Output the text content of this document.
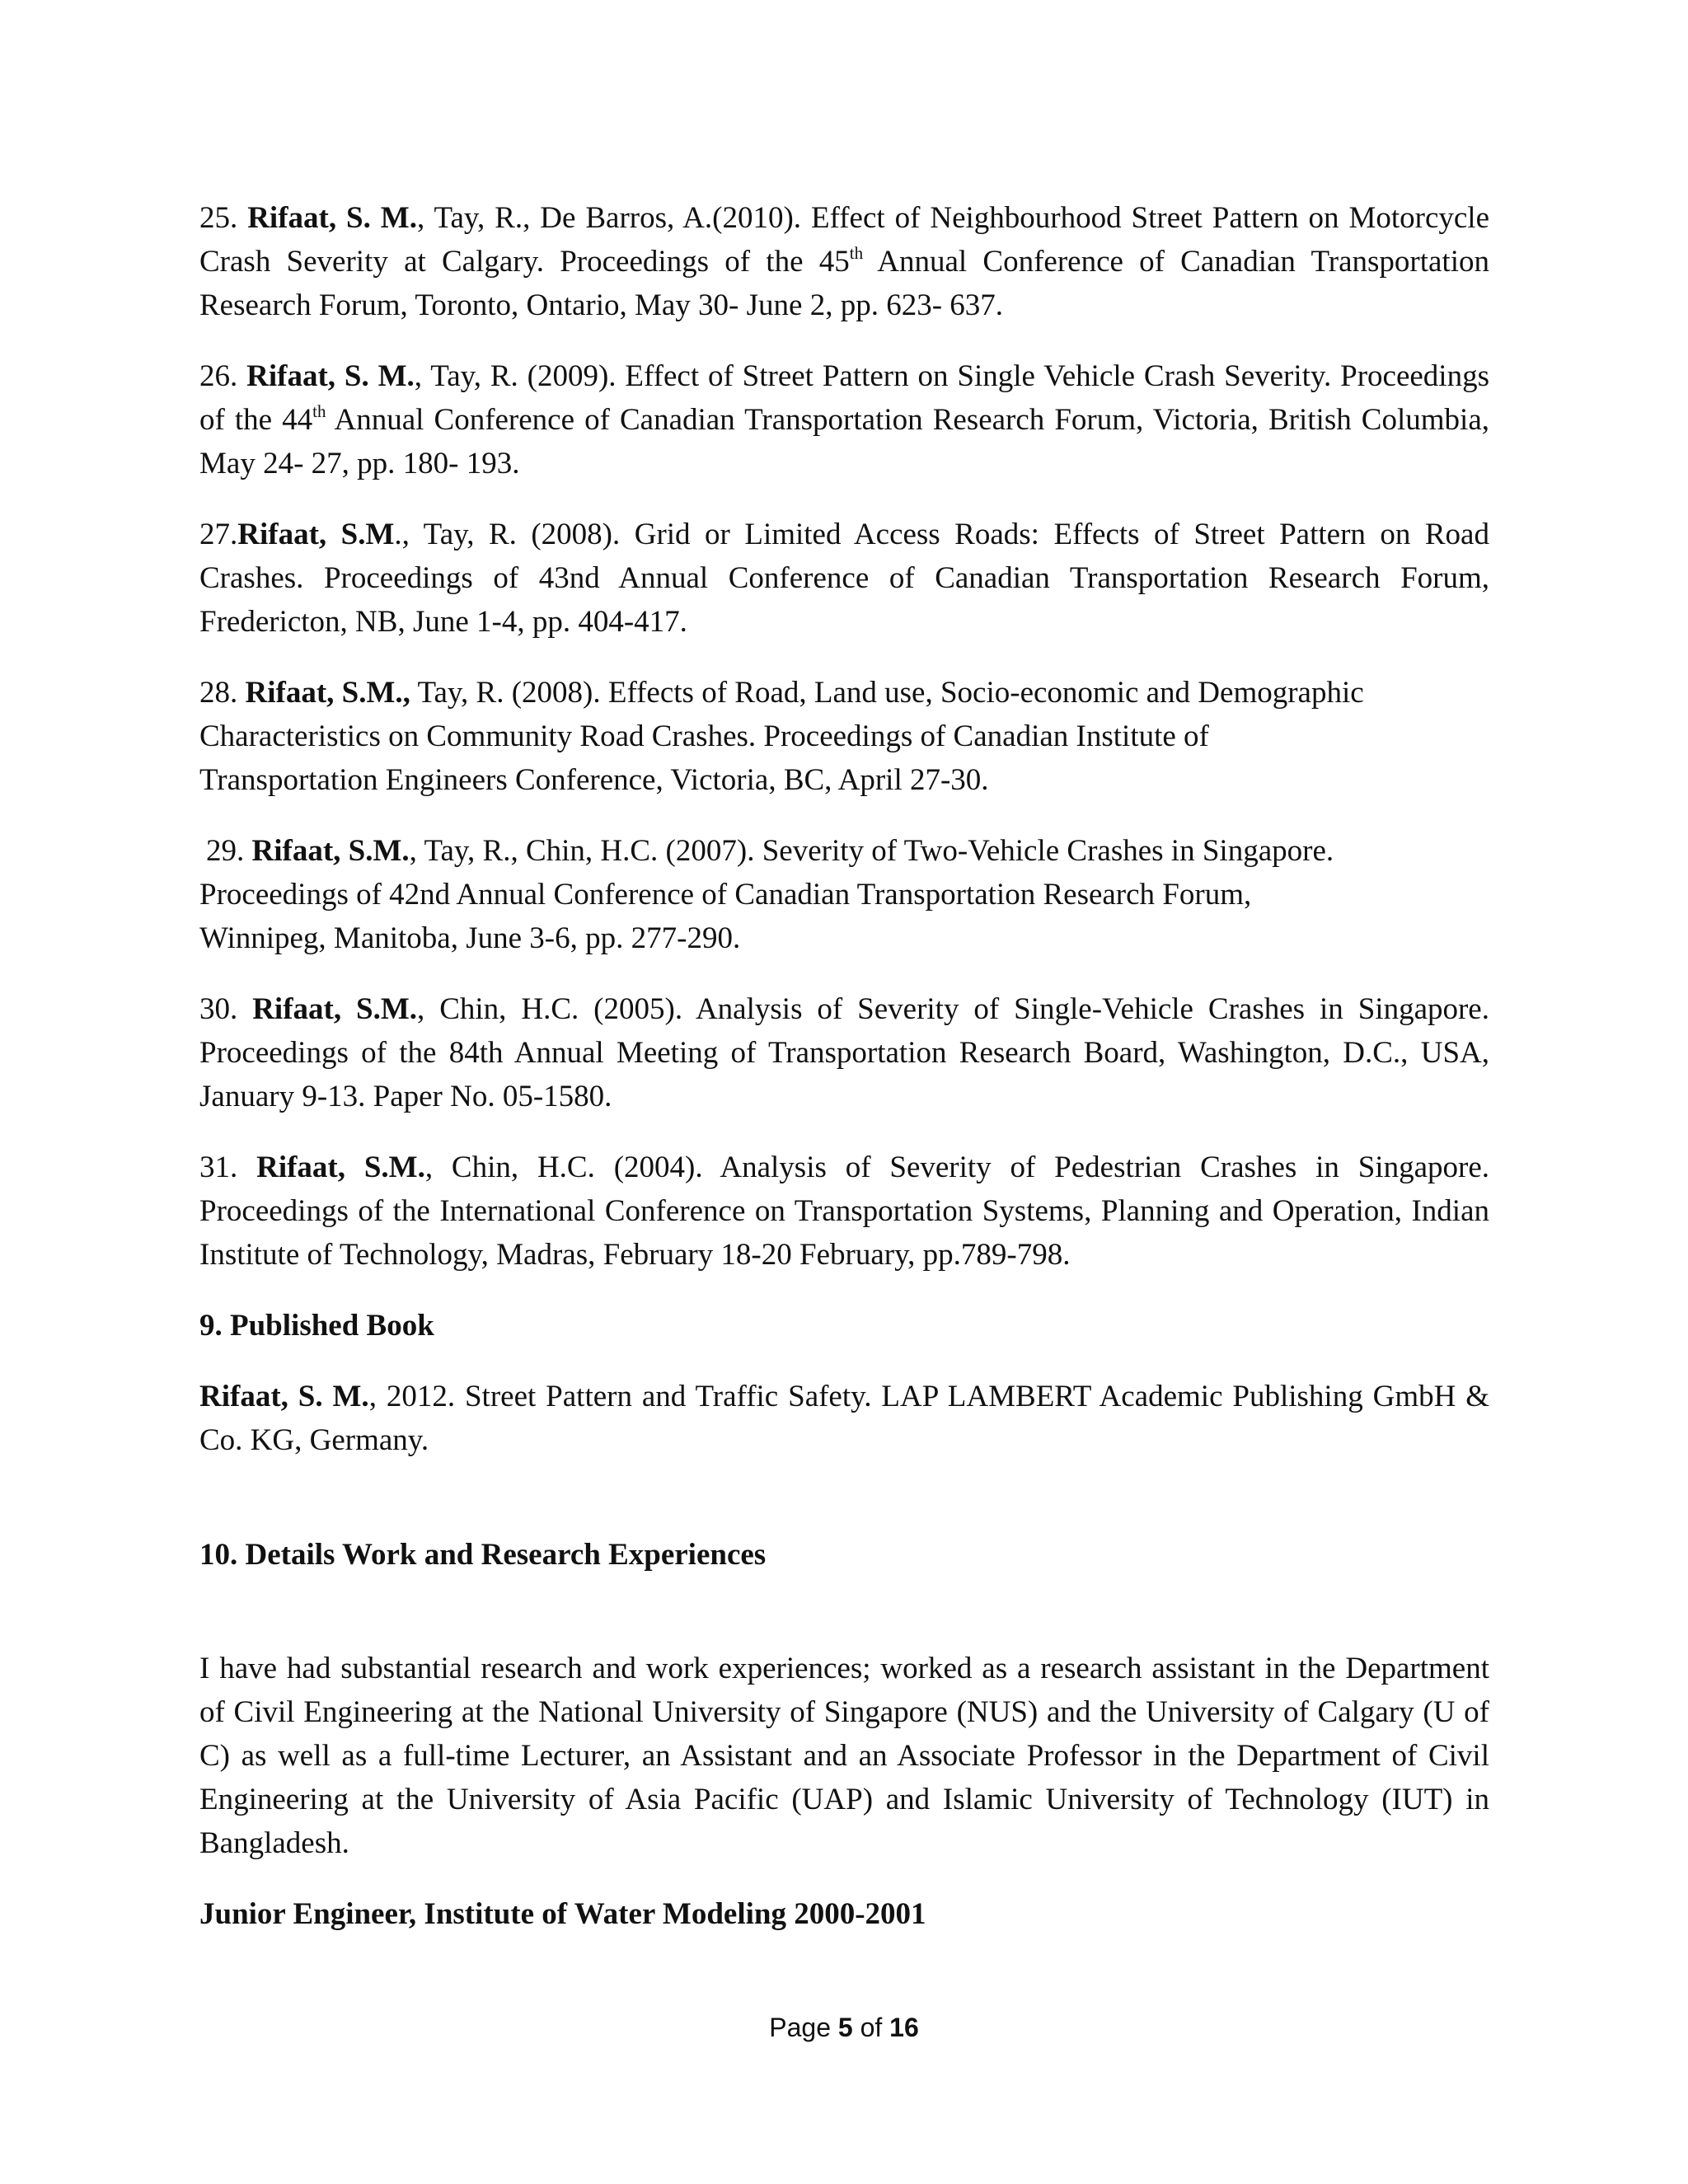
25. Rifaat, S. M., Tay, R., De Barros, A.(2010). Effect of Neighbourhood Street Pattern on Motorcycle Crash Severity at Calgary. Proceedings of the 45th Annual Conference of Canadian Transportation Research Forum, Toronto, Ontario, May 30- June 2, pp. 623- 637.

26. Rifaat, S. M., Tay, R. (2009). Effect of Street Pattern on Single Vehicle Crash Severity. Proceedings of the 44th Annual Conference of Canadian Transportation Research Forum, Victoria, British Columbia, May 24- 27, pp. 180- 193.

27.Rifaat, S.M., Tay, R. (2008). Grid or Limited Access Roads: Effects of Street Pattern on Road Crashes. Proceedings of 43nd Annual Conference of Canadian Transportation Research Forum, Fredericton, NB, June 1-4, pp. 404-417.

28. Rifaat, S.M., Tay, R. (2008). Effects of Road, Land use, Socio-economic and Demographic
Characteristics on Community Road Crashes. Proceedings of Canadian Institute of
Transportation Engineers Conference, Victoria, BC, April 27-30.

29. Rifaat, S.M., Tay, R., Chin, H.C. (2007). Severity of Two-Vehicle Crashes in Singapore.
Proceedings of 42nd Annual Conference of Canadian Transportation Research Forum,
Winnipeg, Manitoba, June 3-6, pp. 277-290.

30. Rifaat, S.M., Chin, H.C. (2005). Analysis of Severity of Single-Vehicle Crashes in Singapore. Proceedings of the 84th Annual Meeting of Transportation Research Board, Washington, D.C., USA, January 9-13. Paper No. 05-1580.

31. Rifaat, S.M., Chin, H.C. (2004). Analysis of Severity of Pedestrian Crashes in Singapore. Proceedings of the International Conference on Transportation Systems, Planning and Operation, Indian Institute of Technology, Madras, February 18-20 February, pp.789-798.

9. Published Book

Rifaat, S. M., 2012. Street Pattern and Traffic Safety. LAP LAMBERT Academic Publishing GmbH & Co. KG, Germany.

10. Details Work and Research Experiences

I have had substantial research and work experiences; worked as a research assistant in the Department of Civil Engineering at the National University of Singapore (NUS) and the University of Calgary (U of C) as well as a full-time Lecturer, an Assistant and an Associate Professor in the Department of Civil Engineering at the University of Asia Pacific (UAP) and Islamic University of Technology (IUT) in Bangladesh.

Junior Engineer, Institute of Water Modeling 2000-2001

Page 5 of 16
